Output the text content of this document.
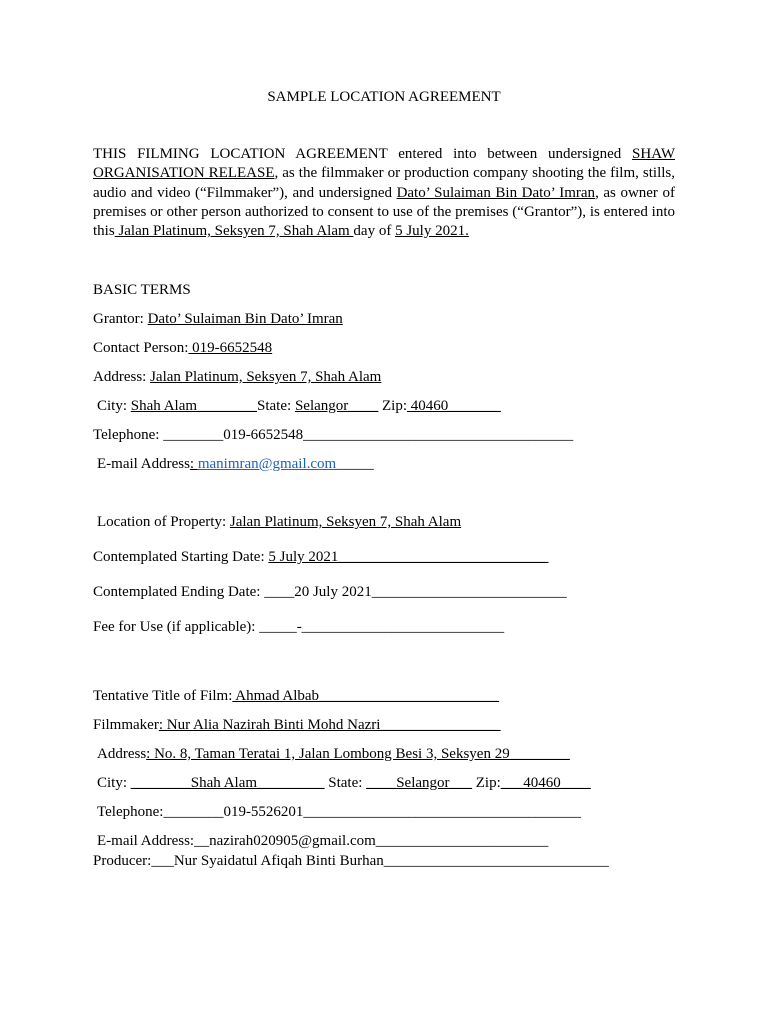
SAMPLE LOCATION AGREEMENT
THIS FILMING LOCATION AGREEMENT entered into between undersigned SHAW ORGANISATION RELEASE, as the filmmaker or production company shooting the film, stills, audio and video (“Filmmaker”), and undersigned Dato’ Sulaiman Bin Dato’ Imran, as owner of premises or other person authorized to consent to use of the premises (“Grantor”), is entered into this Jalan Platinum, Seksyen 7, Shah Alam day of 5 July 2021.
BASIC TERMS
Grantor: Dato’ Sulaiman Bin Dato’ Imran
Contact Person: 019-6652548
Address: Jalan Platinum, Seksyen 7, Shah Alam
City: Shah Alam________State: Selangor____ Zip: 40460_______
Telephone: ________019-6652548____________________________________
E-mail Address: manimran@gmail.com_____
Location of Property: Jalan Platinum, Seksyen 7, Shah Alam
Contemplated Starting Date: 5 July 2021____________________________
Contemplated Ending Date: ____20 July 2021__________________________
Fee for Use (if applicable): _____-___________________________
Tentative Title of Film: Ahmad Albab________________________
Filmmaker: Nur Alia Nazirah Binti Mohd Nazri________________
Address: No. 8, Taman Teratai 1, Jalan Lombong Besi 3, Seksyen 29________
City: ________Shah Alam_________ State: ____Selangor___ Zip:___40460____
Telephone:________019-5526201_____________________________________
E-mail Address:__nazirah020905@gmail.com_______________________
Producer:___Nur Syaidatul Afiqah Binti Burhan______________________________
